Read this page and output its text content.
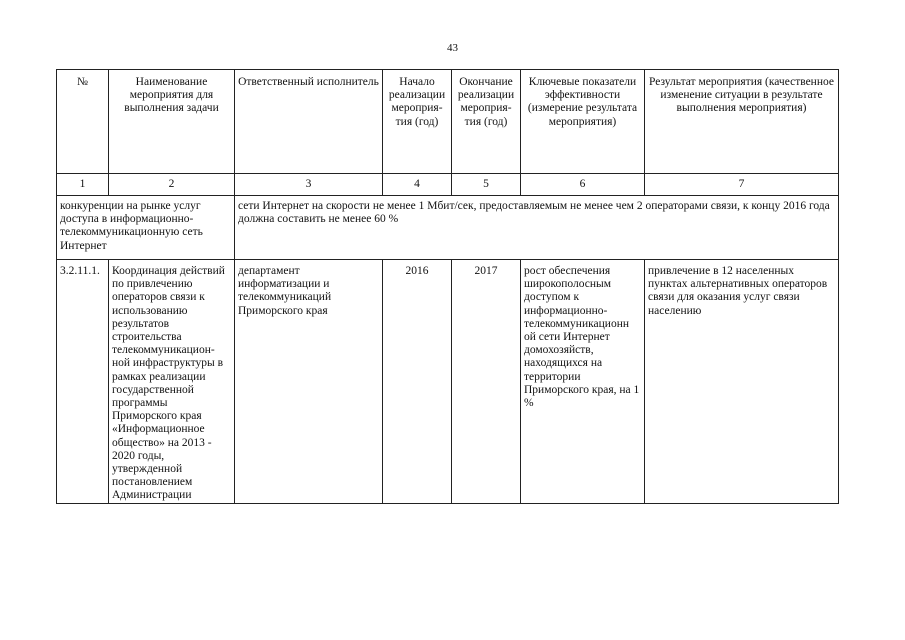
43
№	Наименование мероприятия для выполнения задачи	Ответственный исполнитель	Начало реализации мероприя-тия (год)	Окончание реализации мероприя-тия (год)	Ключевые показатели эффективности (измерение результата мероприятия)	Результат мероприятия (качественное изменение ситуации в результате выполнения мероприятия)
1	2	3	4	5	6	7
конкуренции на рынке услуг доступа в информационно-телекоммуникационную сеть Интернет		сети Интернет на скорости не менее 1 Мбит/сек, предоставляемым не менее чем 2 операторами связи, к концу 2016 года должна составить не менее 60 %				
3.2.11.1.	Координация действий по привлечению операторов связи к использованию результатов строительства телекоммуникацион-ной инфраструктуры в рамках реализации государственной программы Приморского края «Информационное общество» на 2013 - 2020 годы, утвержденной постановлением Администрации	департамент информатизации и телекоммуникаций Приморского края	2016	2017	рост обеспечения широкополосным доступом к информационно-телекоммуникационн ой сети Интернет домохозяйств, находящихся на территории Приморского края, на 1 %	привлечение в 12 населенных пунктах альтернативных операторов связи для оказания услуг связи населению
